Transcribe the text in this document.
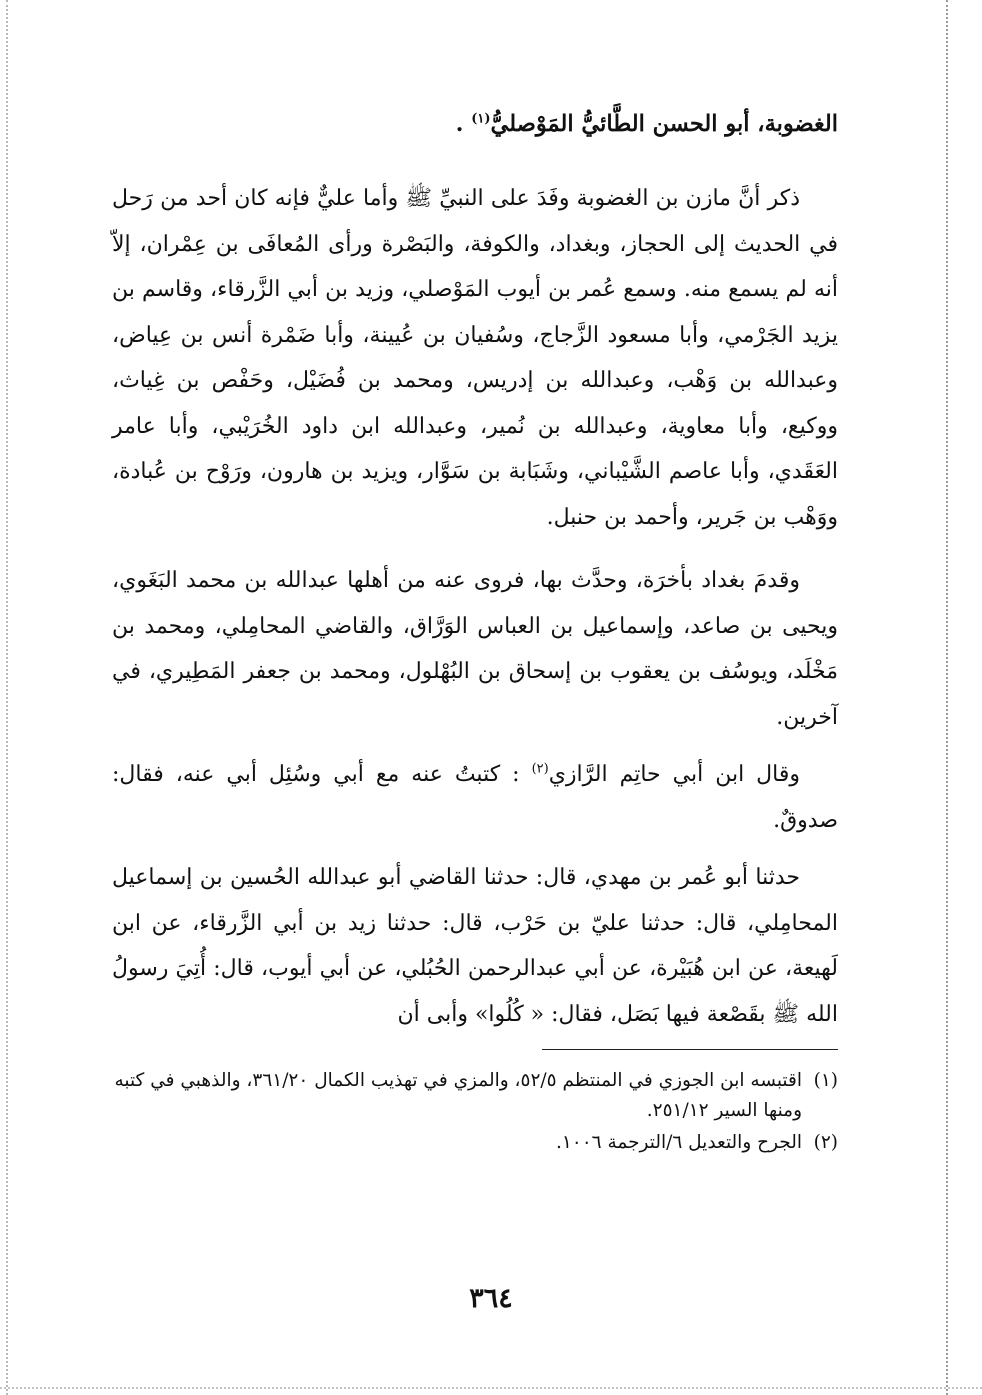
الغضوبة، أبو الحسن الطَّائيُّ المَوْصليُّ$^{(١)}$ .

ذكر أنَّ مازن بن الغضوبة وفَدَ على النبيِّ ﷺ وأما عليٌّ فإنه كان أحد من رَحل في الحديث إلى الحجاز، وبغداد، والكوفة، والبَصْرة ورأى المُعافَى بن عِمْران، إلاّ أنه لم يسمع منه. وسمع عُمر بن أيوب المَوْصلي، وزيد بن أبي الزَّرقاء، وقاسم بن يزيد الجَرْمي، وأبا مسعود الزَّجاج، وسُفيان بن عُيينة، وأبا ضَمْرة أنس بن عِياض، وعبدالله بن وَهْب، وعبدالله بن إدريس، ومحمد بن فُضَيْل، وحَفْص بن غِياث، ووكيع، وأبا معاوية، وعبدالله بن نُمير، وعبدالله ابن داود الخُرَيْبي، وأبا عامر العَقَدي، وأبا عاصم الشَّيْباني، وشَبَابة بن سَوَّار، ويزيد بن هارون، ورَوْح بن عُبادة، ووَهْب بن جَرير، وأحمد بن حنبل.

وقدمَ بغداد بأخرَة، وحدَّث بها، فروى عنه من أهلها عبدالله بن محمد البَغَوي، ويحيى بن صاعد، وإسماعيل بن العباس الوَرَّاق، والقاضي المحامِلي، ومحمد بن مَخْلَد، ويوسُف بن يعقوب بن إسحاق بن البُهْلول، ومحمد بن جعفر المَطِيري، في آخرين.

وقال ابن أبي حاتِم الرَّازي$^{(٢)}$ : كتبتُ عنه مع أبي وسُئِل أبي عنه، فقال: صدوقٌ.

حدثنا أبو عُمر بن مهدي، قال: حدثنا القاضي أبو عبدالله الحُسين بن إسماعيل المحامِلي، قال: حدثنا عليّ بن حَرْب، قال: حدثنا زيد بن أبي الزَّرقاء، عن ابن لَهيعة، عن ابن هُبَيْرة، عن أبي عبدالرحمن الحُبُلي، عن أبي أيوب، قال: أُتِيَ رسولُ الله ﷺ بقَصْعة فيها بَصَل، فقال: « كُلُوا» وأبى أن

(١)
اقتبسه ابن الجوزي في المنتظم ٥٢/٥، والمزي في تهذيب الكمال ٣٦١/٢٠، والذهبي في كتبه ومنها السير ٢٥١/١٢.
(٢)
الجرح والتعديل ٦/الترجمة ١٠٠٦.
٣٦٤
